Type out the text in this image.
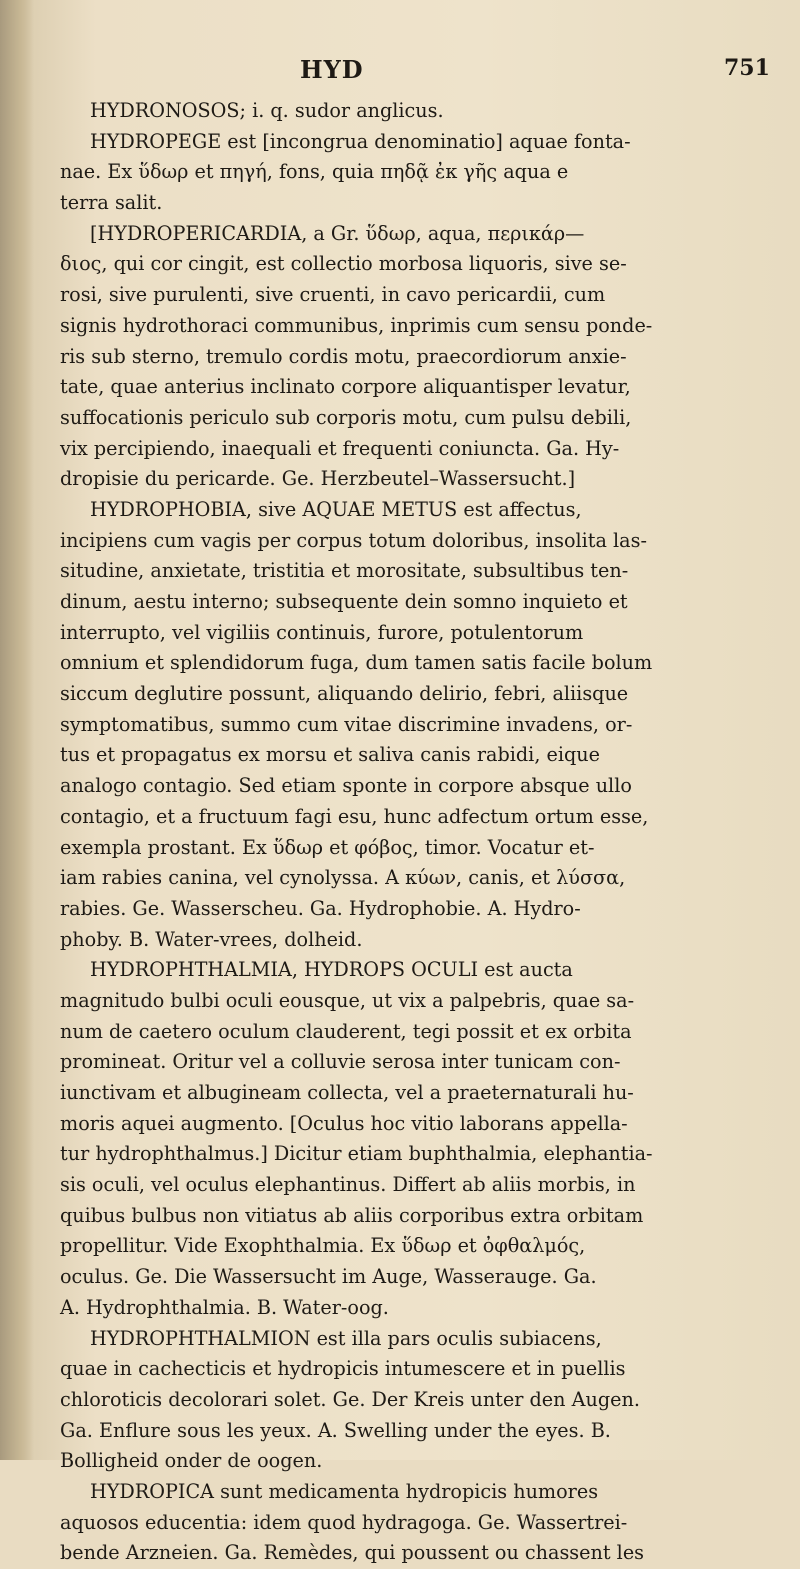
HYD	751
HYDRONOSOS; i. q. sudor anglicus.
HYDROPEGE est [incongrua denominatio] aquae fonta-
nae. Ex ὕδωρ et πηγή, fons, quia πηδᾷ ἐκ γῆς aqua e
terra salit.
[HYDROPERICARDIA, a Gr. ὕδωρ, aqua, περικάρ—
διος, qui cor cingit, est collectio morbosa liquoris, sive se-
rosi, sive purulenti, sive cruenti, in cavo pericardii, cum
signis hydrothoraci communibus, inprimis cum sensu ponde-
ris sub sterno, tremulo cordis motu, praecordiorum anxie-
tate, quae anterius inclinato corpore aliquantisper levatur,
suffocationis periculo sub corporis motu, cum pulsu debili,
vix percipiendo, inaequali et frequenti coniuncta. Ga. Hy-
dropisie du pericarde. Ge. Herzbeutel–Wassersucht.]
HYDROPHOBIA, sive AQUAE METUS est affectus,
incipiens cum vagis per corpus totum doloribus, insolita las-
situdine, anxietate, tristitia et morositate, subsultibus ten-
dinum, aestu interno; subsequente dein somno inquieto et
interrupto, vel vigiliis continuis, furore, potulentorum
omnium et splendidorum fuga, dum tamen satis facile bolum
siccum deglutire possunt, aliquando delirio, febri, aliisque
symptomatibus, summo cum vitae discrimine invadens, or-
tus et propagatus ex morsu et saliva canis rabidi, eique
analogo contagio. Sed etiam sponte in corpore absque ullo
contagio, et a fructuum fagi esu, hunc adfectum ortum esse,
exempla prostant. Ex ὕδωρ et φόβος, timor. Vocatur et-
iam rabies canina, vel cynolyssa. A κύων, canis, et λύσσα,
rabies. Ge. Wasserscheu. Ga. Hydrophobie. A. Hydro-
phoby. B. Water-vrees, dolheid.
HYDROPHTHALMIA, HYDROPS OCULI est aucta
magnitudo bulbi oculi eousque, ut vix a palpebris, quae sa-
num de caetero oculum clauderent, tegi possit et ex orbita
promineat. Oritur vel a colluvie serosa inter tunicam con-
iunctivam et albugineam collecta, vel a praeternaturali hu-
moris aquei augmento. [Oculus hoc vitio laborans appella-
tur hydrophthalmus.] Dicitur etiam buphthalmia, elephantia-
sis oculi, vel oculus elephantinus. Differt ab aliis morbis, in
quibus bulbus non vitiatus ab aliis corporibus extra orbitam
propellitur. Vide Exophthalmia. Ex ὕδωρ et ὀφθαλμός,
oculus. Ge. Die Wassersucht im Auge, Wasserauge. Ga.
A. Hydrophthalmia. B. Water-oog.
HYDROPHTHALMION est illa pars oculis subiacens,
quae in cachecticis et hydropicis intumescere et in puellis
chloroticis decolorari solet. Ge. Der Kreis unter den Augen.
Ga. Enflure sous les yeux. A. Swelling under the eyes. B.
Bolligheid onder de oogen.
HYDROPICA sunt medicamenta hydropicis humores
aquosos educentia: idem quod hydragoga. Ge. Wassertrei-
bende Arzneien. Ga. Remèdes, qui poussent ou chassent les
